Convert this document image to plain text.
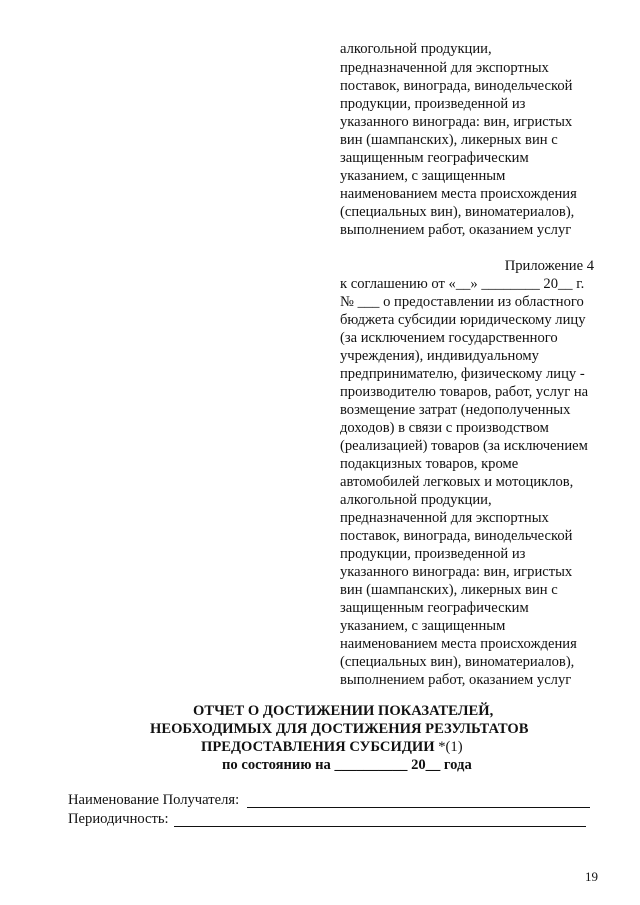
алкогольной продукции,
предназначенной для экспортных
поставок, винограда, винодельческой
продукции, произведенной из
указанного винограда: вин, игристых
вин (шампанских), ликерных вин с
защищенным географическим
указанием, с защищенным
наименованием места происхождения
(специальных вин), виноматериалов),
выполнением работ, оказанием услуг
Приложение 4
к соглашению от «__» ________ 20__ г.
№ ___ о предоставлении из областного
бюджета субсидии юридическому лицу
(за исключением государственного
учреждения), индивидуальному
предпринимателю, физическому лицу -
производителю товаров, работ, услуг на
возмещение затрат (недополученных
доходов) в связи с производством
(реализацией) товаров (за исключением
подакцизных товаров, кроме
автомобилей легковых и мотоциклов,
алкогольной продукции,
предназначенной для экспортных
поставок, винограда, винодельческой
продукции, произведенной из
указанного винограда: вин, игристых
вин (шампанских), ликерных вин с
защищенным географическим
указанием, с защищенным
наименованием места происхождения
(специальных вин), виноматериалов),
выполнением работ, оказанием услуг
ОТЧЕТ О ДОСТИЖЕНИИ ПОКАЗАТЕЛЕЙ,
НЕОБХОДИМЫХ ДЛЯ ДОСТИЖЕНИЯ РЕЗУЛЬТАТОВ
ПРЕДОСТАВЛЕНИЯ СУБСИДИИ *(1)
по состоянию на __________ 20__ года
Наименование Получателя:
Периодичность:
19
